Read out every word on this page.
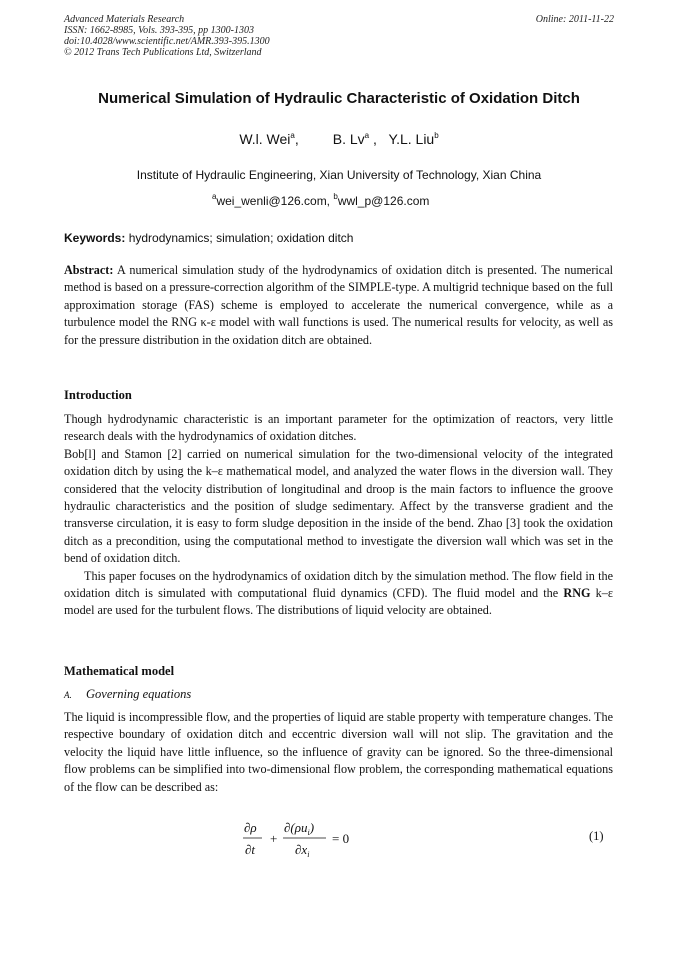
Advanced Materials Research
ISSN: 1662-8985, Vols. 393-395, pp 1300-1303
doi:10.4028/www.scientific.net/AMR.393-395.1300
© 2012 Trans Tech Publications Ltd, Switzerland
Online: 2011-11-22
Numerical Simulation of Hydraulic Characteristic of Oxidation Ditch
W.l. Wei$^a$, B. Lv$^a$ , Y.L. Liu$^b$
Institute of Hydraulic Engineering, Xian University of Technology, Xian China
$^a$wei_wenli@126.com, $^b$wwl_p@126.com
Keywords: hydrodynamics; simulation; oxidation ditch
Abstract: A numerical simulation study of the hydrodynamics of oxidation ditch is presented. The numerical method is based on a pressure-correction algorithm of the SIMPLE-type. A multigrid technique based on the full approximation storage (FAS) scheme is employed to accelerate the numerical convergence, while as a turbulence model the RNG κ-ε model with wall functions is used. The numerical results for velocity, as well as for the pressure distribution in the oxidation ditch are obtained.
Introduction

Though hydrodynamic characteristic is an important parameter for the optimization of reactors, very little research deals with the hydrodynamics of oxidation ditches.

Bob[l] and Stamon [2] carried on numerical simulation for the two-dimensional velocity of the integrated oxidation ditch by using the k–ε mathematical model, and analyzed the water flows in the diversion wall. They considered that the velocity distribution of longitudinal and droop is the main factors to influence the groove hydraulic characteristics and the position of sludge sedimentary. Affect by the transverse gradient and the transverse circulation, it is easy to form sludge deposition in the inside of the bend. Zhao [3] took the oxidation ditch as a precondition, using the computational method to investigate the diversion wall which was set in the bend of oxidation ditch.

This paper focuses on the hydrodynamics of oxidation ditch by the simulation method. The flow field in the oxidation ditch is simulated with computational fluid dynamics (CFD). The fluid model and the RNG k–ε model are used for the turbulent flows. The distributions of liquid velocity are obtained.

Mathematical model
A. Governing equations
The liquid is incompressible flow, and the properties of liquid are stable property with temperature changes. The respective boundary of oxidation ditch and eccentric diversion wall will not slip. The gravitation and the velocity the liquid have little influence, so the influence of gravity can be ignored. So the three-dimensional flow problems can be simplified into two-dimensional flow problem, the corresponding mathematical equations of the flow can be described as:
∂ρ
∂t
+
$\partial(\rho u_i)$
$\partial x_i$
= 0	(1)
